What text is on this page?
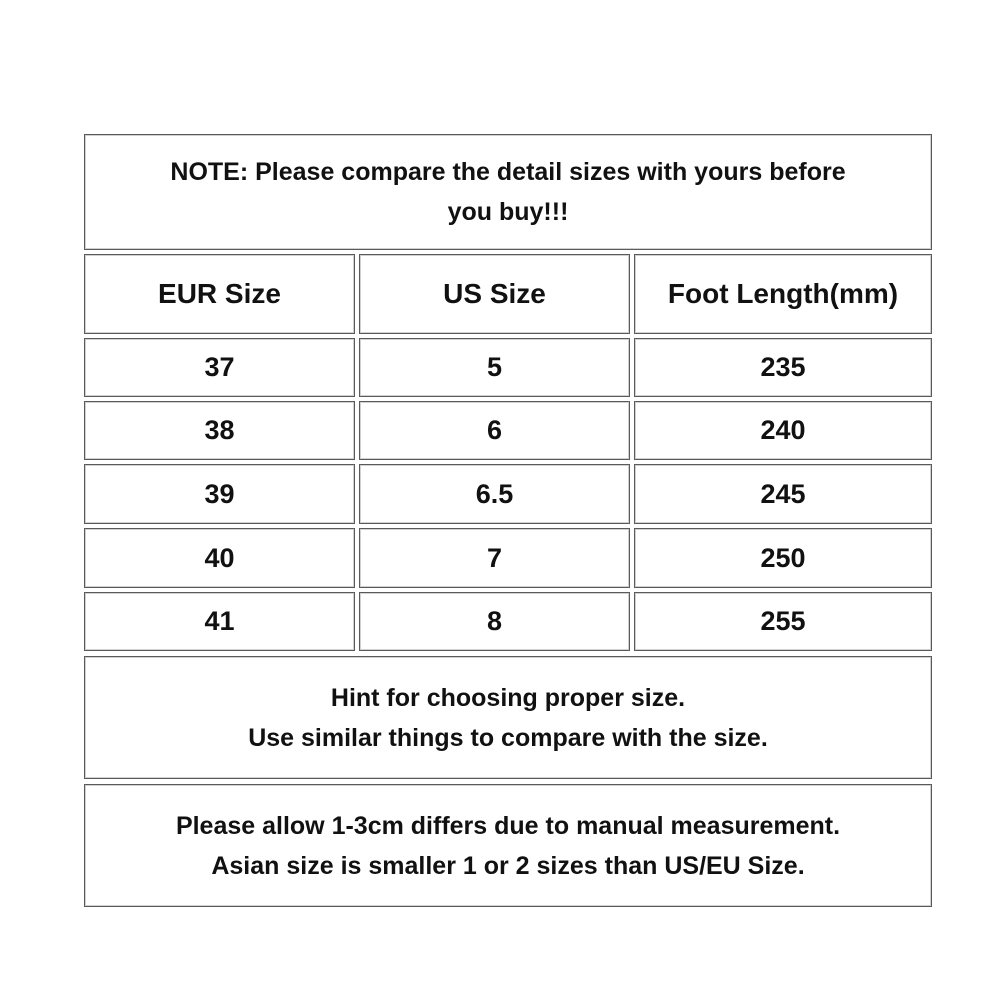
NOTE: Please compare the detail sizes with yours before
you buy!!!
EUR Size	US Size	Foot Length(mm)
37	5	235
38	6	240
39	6.5	245
40	7	250
41	8	255
Hint for choosing proper size.
Use similar things to compare with the size.
Please allow 1-3cm differs due to manual measurement.
Asian size is smaller 1 or 2 sizes than US/EU Size.
